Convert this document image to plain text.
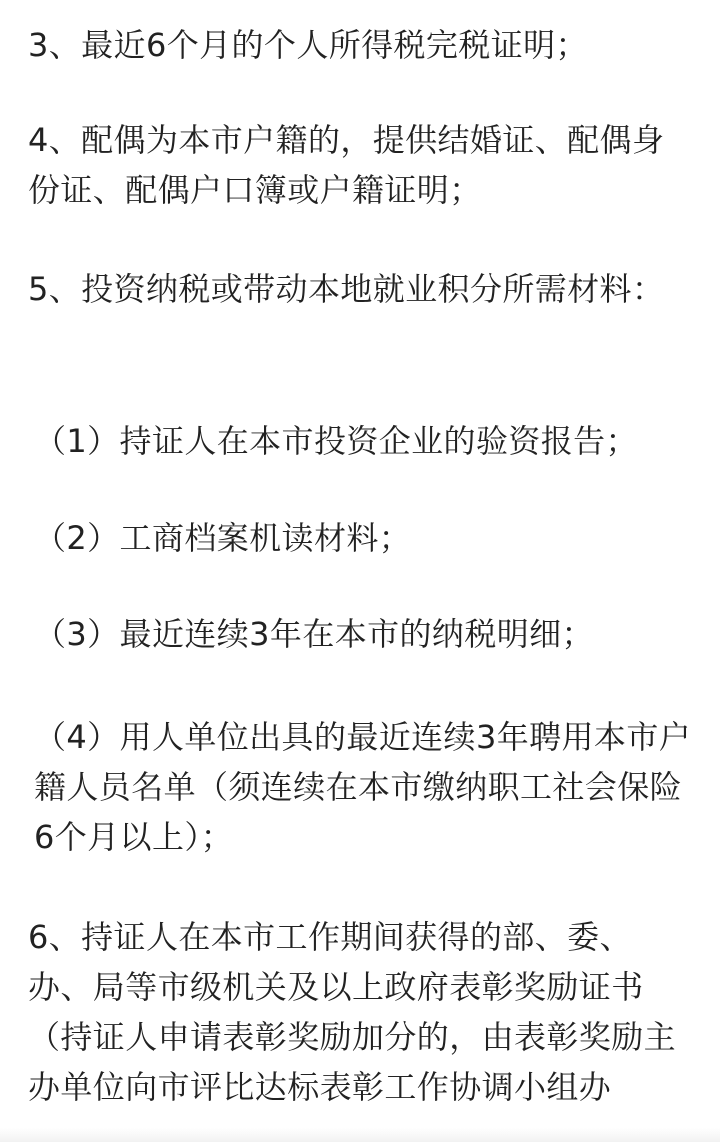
3、最近6个月的个人所得税完税证明；

4、配偶为本市户籍的，提供结婚证、配偶身份证、配偶户口簿或户籍证明；

5、投资纳税或带动本地就业积分所需材料：

（1）持证人在本市投资企业的验资报告；

（2）工商档案机读材料；

（3）最近连续3年在本市的纳税明细；

（4）用人单位出具的最近连续3年聘用本市户籍人员名单（须连续在本市缴纳职工社会保险6个月以上）；

6、持证人在本市工作期间获得的部、委、办、局等市级机关及以上政府表彰奖励证书（持证人申请表彰奖励加分的，由表彰奖励主办单位向市评比达标表彰工作协调小组办
